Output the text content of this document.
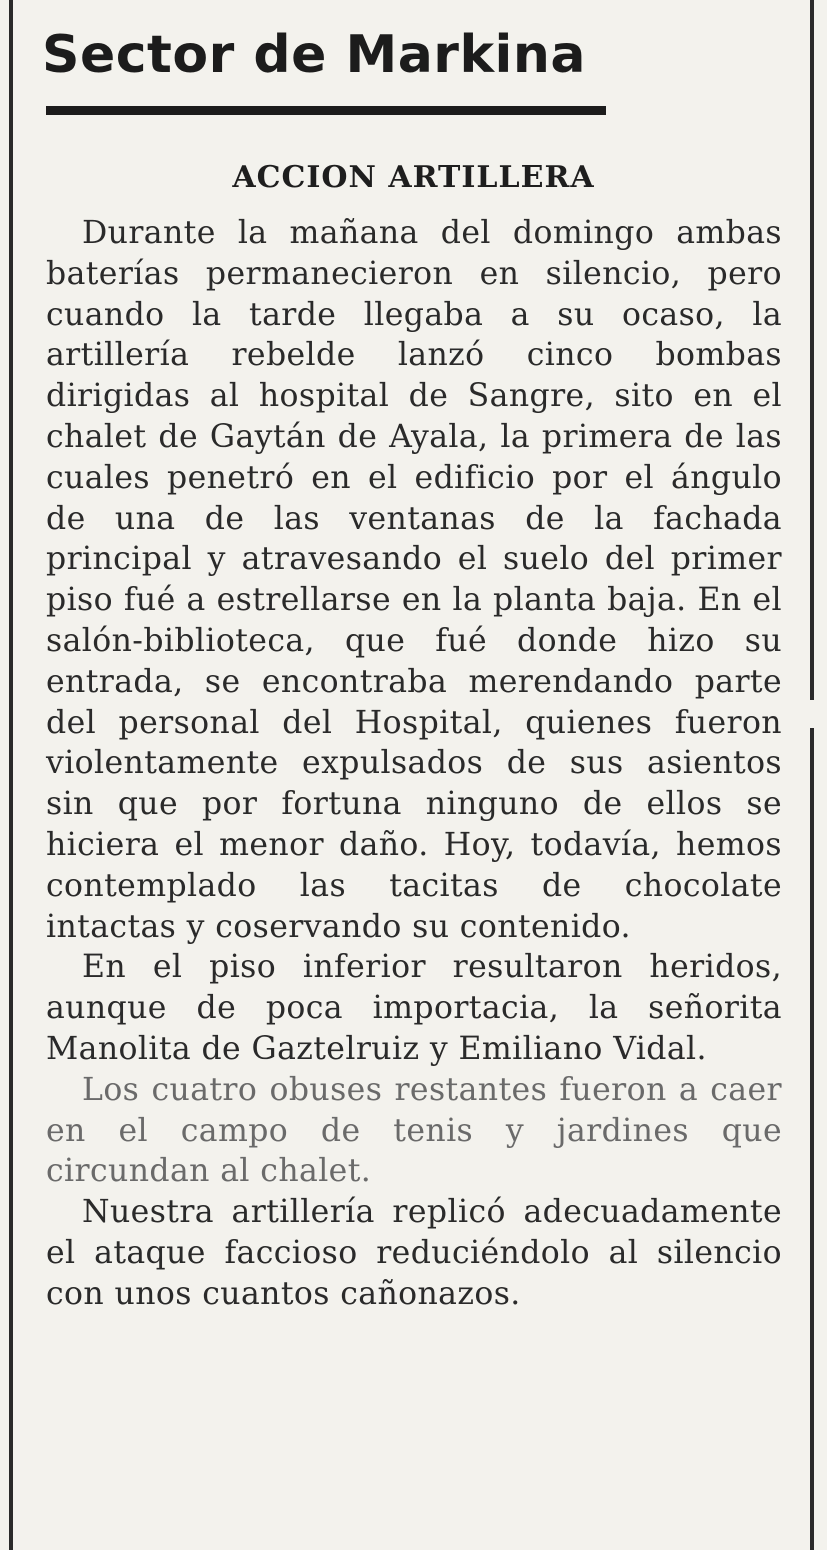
Sector de Markina
ACCION ARTILLERA

Durante la mañana del domingo ambas baterías permanecieron en silencio, pero cuando la tarde llegaba a su ocaso, la artillería rebelde lanzó cinco bombas dirigidas al hospital de Sangre, sito en el chalet de Gaytán de Ayala, la primera de las cuales penetró en el edificio por el ángulo de una de las ventanas de la fachada principal y atravesando el suelo del primer piso fué a estrellarse en la planta baja. En el salón-biblioteca, que fué donde hizo su entrada, se encontraba merendando parte del personal del Hospital, quienes fueron violentamente expulsados de sus asientos sin que por fortuna ninguno de ellos se hiciera el menor daño. Hoy, todavía, hemos contemplado las tacitas de chocolate intactas y coservando su contenido.

En el piso inferior resultaron heridos, aunque de poca importacia, la señorita Manolita de Gaztelruiz y Emiliano Vidal.

Los cuatro obuses restantes fueron a caer en el campo de tenis y jardines que circundan al chalet.

Nuestra artillería replicó adecuadamente el ataque faccioso reduciéndolo al silencio con unos cuantos cañonazos.
